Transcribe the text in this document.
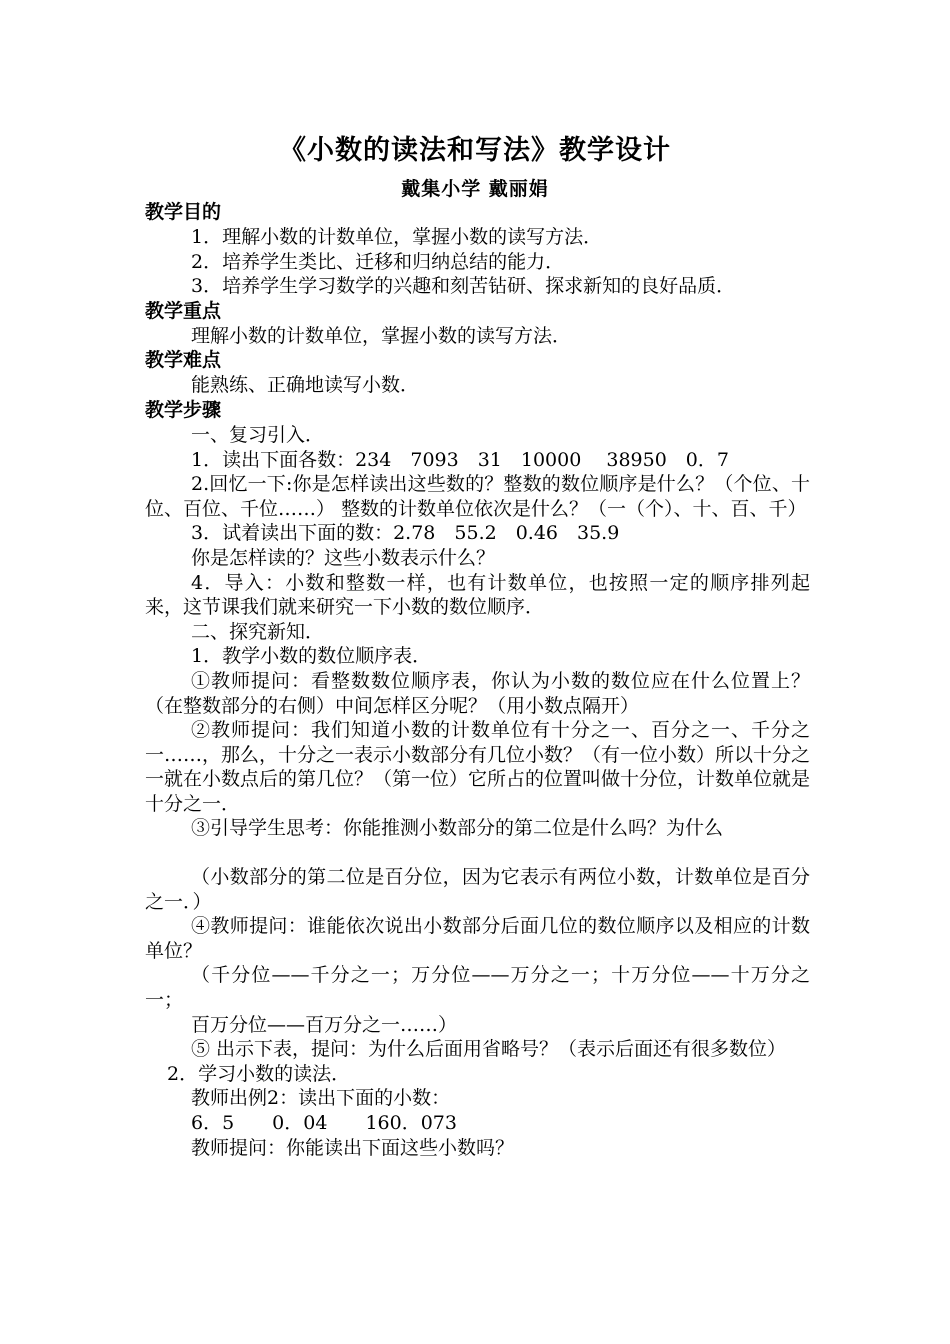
《小数的读法和写法》教学设计
戴集小学 戴丽娟
教学目的

1．理解小数的计数单位，掌握小数的读写方法．

2．培养学生类比、迁移和归纳总结的能力．

3．培养学生学习数学的兴趣和刻苦钻研、探求新知的良好品质．

教学重点

理解小数的计数单位，掌握小数的读写方法．

教学难点

能熟练、正确地读写小数．

教学步骤

一、复习引入．

1．读出下面各数：234　7093　31　10000　 38950　0．7

2.回忆一下:你是怎样读出这些数的？整数的数位顺序是什么？（个位、十位、百位、千位……） 整数的计数单位依次是什么？（一（个）、十、百、千）

3．试着读出下面的数：2.78　55.2　0.46　35.9

你是怎样读的？这些小数表示什么？

4．导入：小数和整数一样，也有计数单位，也按照一定的顺序排列起来，这节课我们就来研究一下小数的数位顺序．

二、探究新知．

1．教学小数的数位顺序表．

①教师提问：看整数数位顺序表，你认为小数的数位应在什么位置上？（在整数部分的右侧）中间怎样区分呢？（用小数点隔开）

②教师提问：我们知道小数的计数单位有十分之一、百分之一、千分之一……，那么，十分之一表示小数部分有几位小数？（有一位小数）所以十分之一就在小数点后的第几位？（第一位）它所占的位置叫做十分位，计数单位就是十分之一．

③引导学生思考：你能推测小数部分的第二位是什么吗？为什么

（小数部分的第二位是百分位，因为它表示有两位小数，计数单位是百分之一．）

④教师提问：谁能依次说出小数部分后面几位的数位顺序以及相应的计数单位？

（千分位——千分之一；万分位——万分之一；十万分位——十万分之一；

百万分位——百万分之一……）

⑤ 出示下表，提问：为什么后面用省略号？（表示后面还有很多数位）

2．学习小数的读法．

教师出例2：读出下面的小数：

6．5　　0．04　　160．073

教师提问：你能读出下面这些小数吗？
